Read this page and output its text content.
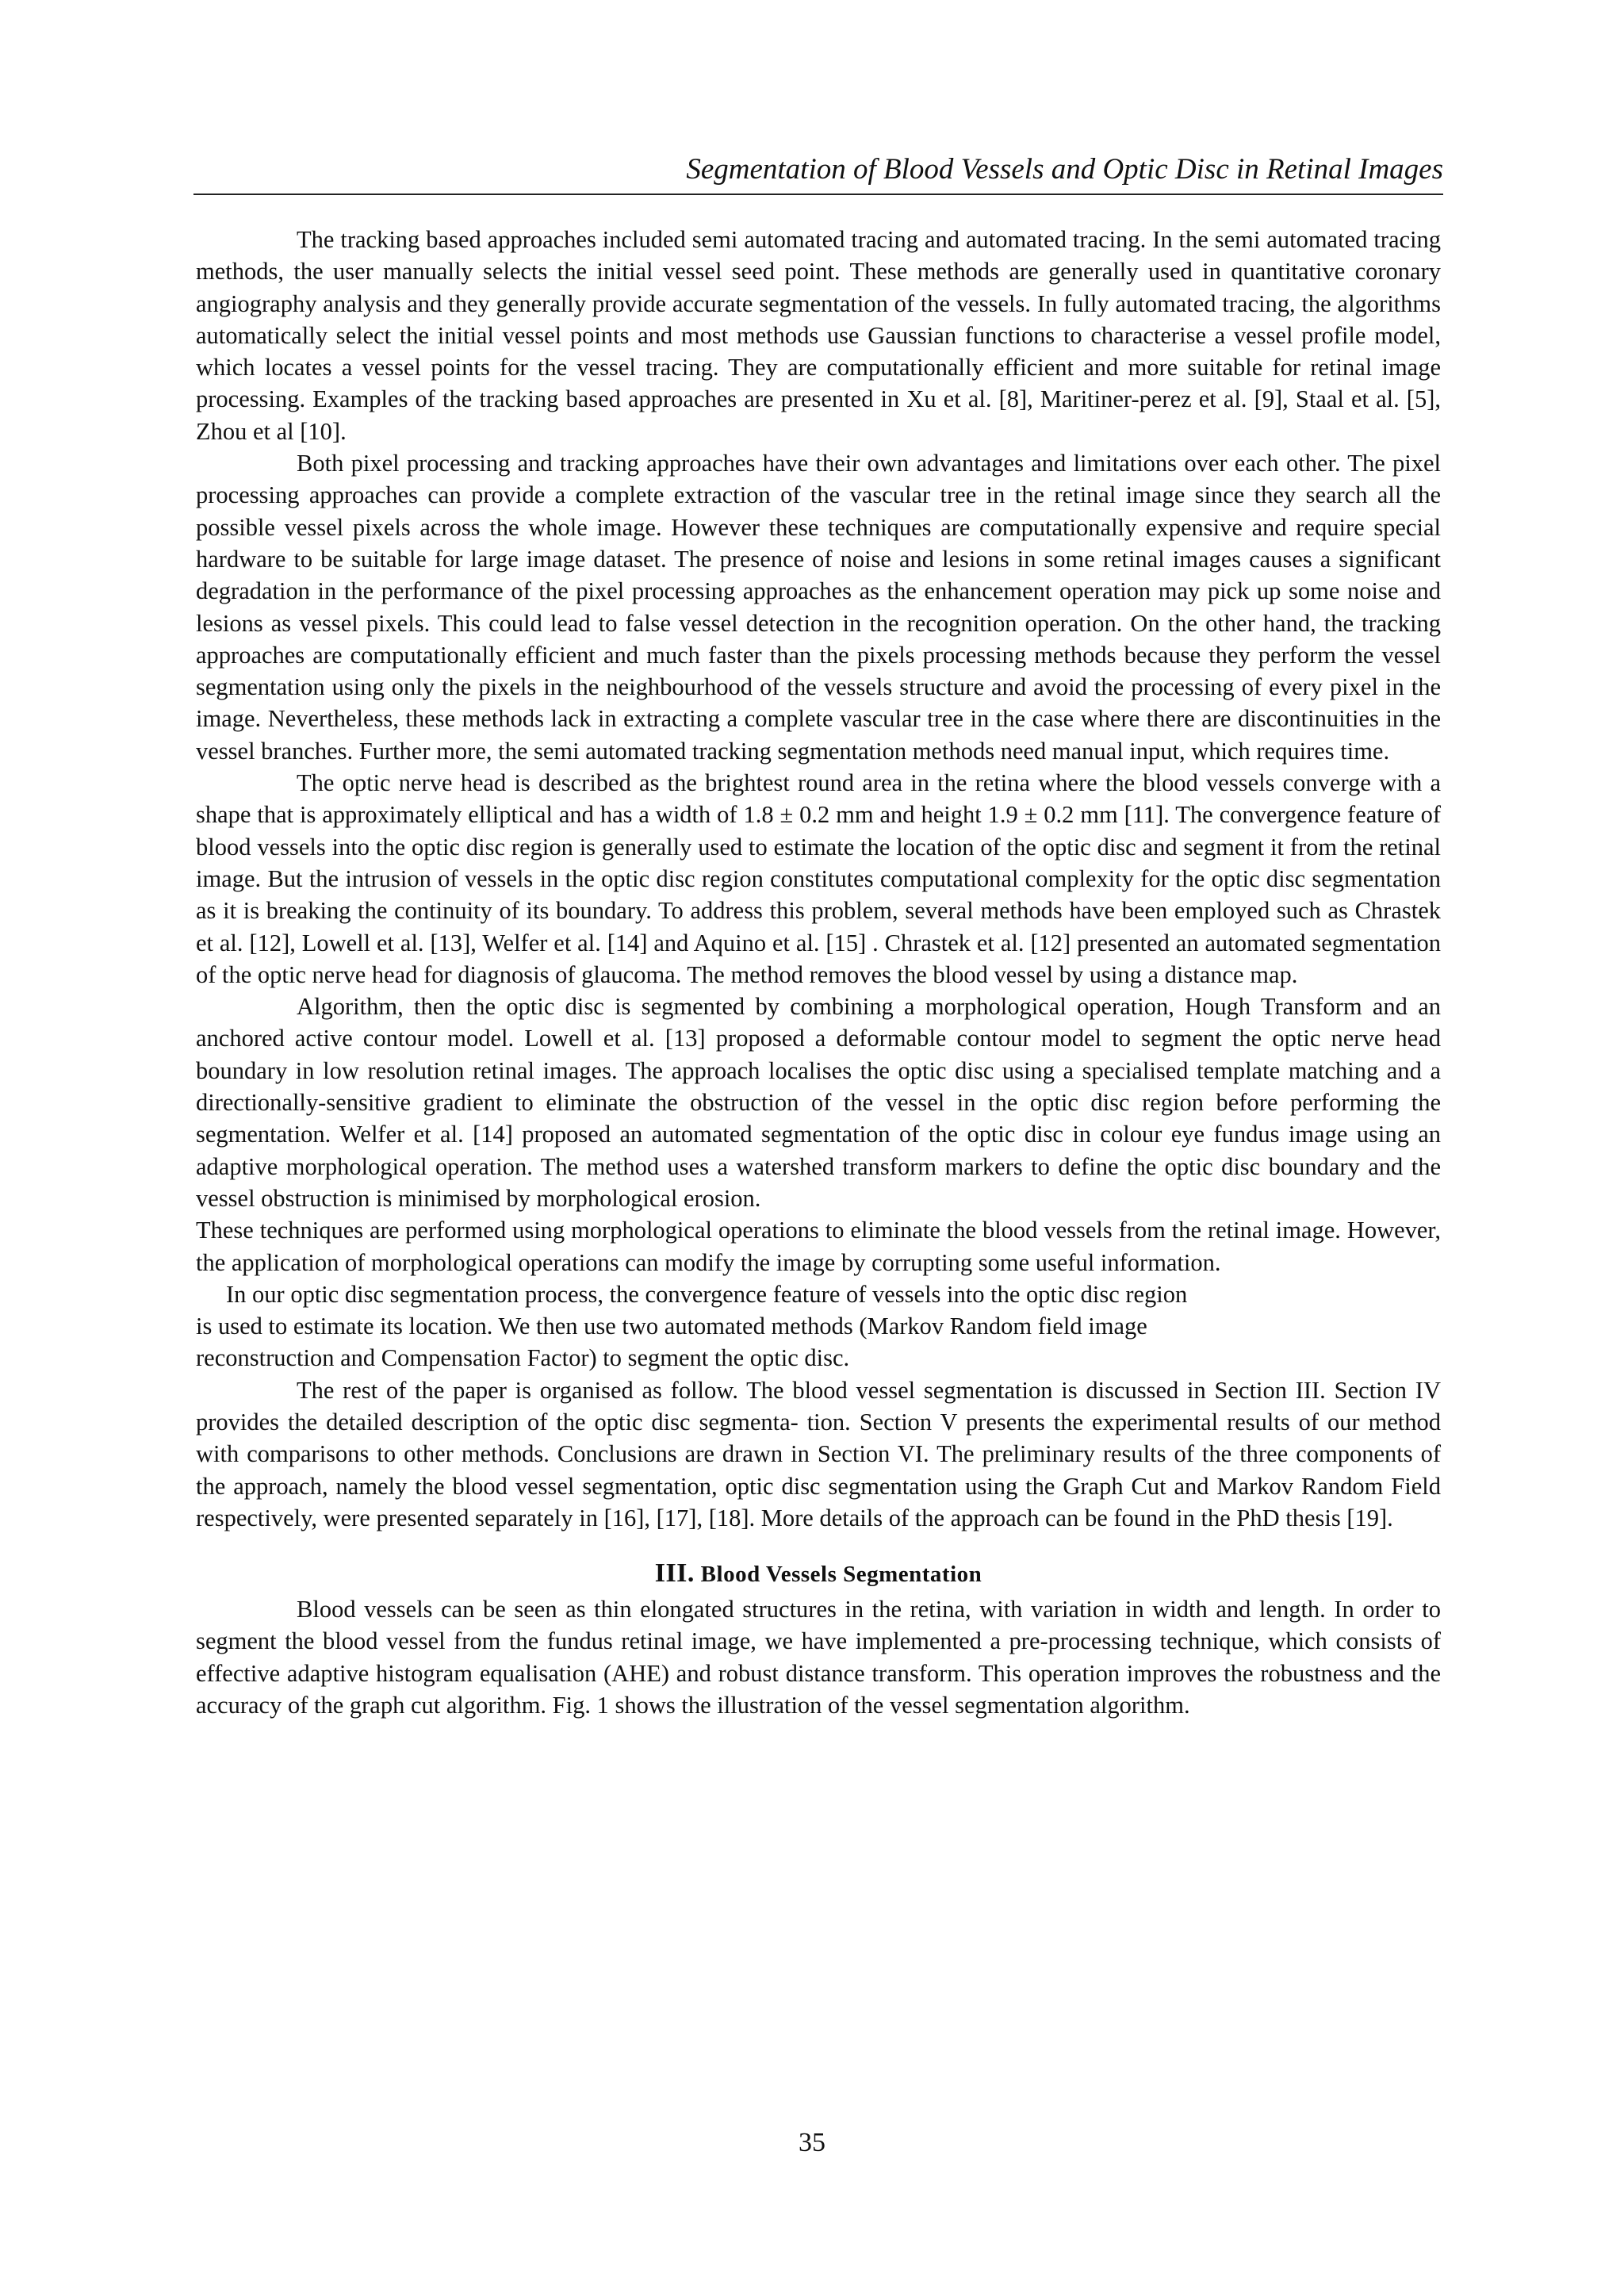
Segmentation of Blood Vessels and Optic Disc in Retinal Images

The tracking based approaches included semi automated tracing and automated tracing. In the semi automated tracing methods, the user manually selects the initial vessel seed point. These methods are generally used in quantitative coronary angiography analysis and they generally provide accurate segmentation of the vessels. In fully automated tracing, the algorithms automatically select the initial vessel points and most methods use Gaussian functions to characterise a vessel profile model, which locates a vessel points for the vessel tracing. They are computationally efficient and more suitable for retinal image processing. Examples of the tracking based approaches are presented in Xu et al. [8], Maritiner-perez et al. [9], Staal et al. [5], Zhou et al [10].

Both pixel processing and tracking approaches have their own advantages and limitations over each other. The pixel processing approaches can provide a complete extraction of the vascular tree in the retinal image since they search all the possible vessel pixels across the whole image. However these techniques are computationally expensive and require special hardware to be suitable for large image dataset. The presence of noise and lesions in some retinal images causes a significant degradation in the performance of the pixel processing approaches as the enhancement operation may pick up some noise and lesions as vessel pixels. This could lead to false vessel detection in the recognition operation. On the other hand, the tracking approaches are computationally efficient and much faster than the pixels processing methods because they perform the vessel segmentation using only the pixels in the neighbourhood of the vessels structure and avoid the processing of every pixel in the image. Nevertheless, these methods lack in extracting a complete vascular tree in the case where there are discontinuities in the vessel branches. Further more, the semi automated tracking segmentation methods need manual input, which requires time.

The optic nerve head is described as the brightest round area in the retina where the blood vessels converge with a shape that is approximately elliptical and has a width of 1.8 ± 0.2 mm and height 1.9 ± 0.2 mm [11]. The convergence feature of blood vessels into the optic disc region is generally used to estimate the location of the optic disc and segment it from the retinal image. But the intrusion of vessels in the optic disc region constitutes computational complexity for the optic disc segmentation as it is breaking the continuity of its boundary. To address this problem, several methods have been employed such as Chrastek et al. [12], Lowell et al. [13], Welfer et al. [14] and Aquino et al. [15] . Chrastek et al. [12] presented an automated segmentation of the optic nerve head for diagnosis of glaucoma. The method removes the blood vessel by using a distance map.

Algorithm, then the optic disc is segmented by combining a morphological operation, Hough Transform and an anchored active contour model. Lowell et al. [13] proposed a deformable contour model to segment the optic nerve head boundary in low resolution retinal images. The approach localises the optic disc using a specialised template matching and a directionally-sensitive gradient to eliminate the obstruction of the vessel in the optic disc region before performing the segmentation. Welfer et al. [14] proposed an automated segmentation of the optic disc in colour eye fundus image using an adaptive morphological operation. The method uses a watershed transform markers to define the optic disc boundary and the vessel obstruction is minimised by morphological erosion.

These techniques are performed using morphological operations to eliminate the blood vessels from the retinal image. However, the application of morphological operations can modify the image by corrupting some useful information.

In our optic disc segmentation process, the convergence feature of vessels into the optic disc region

is used to estimate its location. We then use two automated methods (Markov Random field image

reconstruction and Compensation Factor) to segment the optic disc.

The rest of the paper is organised as follow. The blood vessel segmentation is discussed in Section III. Section IV provides the detailed description of the optic disc segmenta- tion. Section V presents the experimental results of our method with comparisons to other methods. Conclusions are drawn in Section VI. The preliminary results of the three components of the approach, namely the blood vessel segmentation, optic disc segmentation using the Graph Cut and Markov Random Field respectively, were presented separately in [16], [17], [18]. More details of the approach can be found in the PhD thesis [19].

III. Blood Vessels Segmentation

Blood vessels can be seen as thin elongated structures in the retina, with variation in width and length. In order to segment the blood vessel from the fundus retinal image, we have implemented a pre-processing technique, which consists of effective adaptive histogram equalisation (AHE) and robust distance transform. This operation improves the robustness and the accuracy of the graph cut algorithm. Fig. 1 shows the illustration of the vessel segmentation algorithm.

35
